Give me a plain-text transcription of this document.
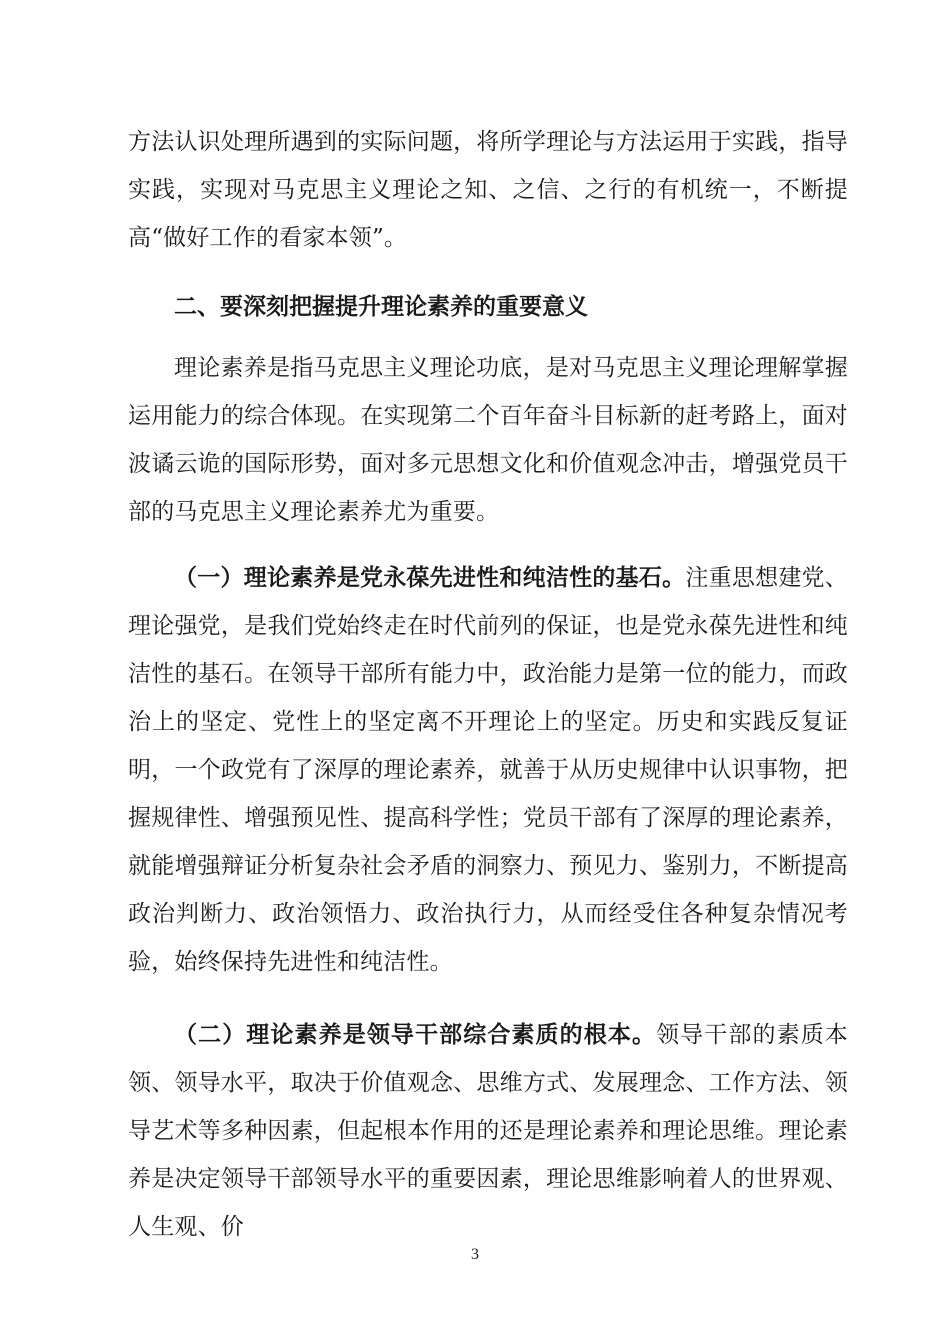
方法认识处理所遇到的实际问题，将所学理论与方法运用于实践，指导实践，实现对马克思主义理论之知、之信、之行的有机统一，不断提高“做好工作的看家本领”。

二、要深刻把握提升理论素养的重要意义

理论素养是指马克思主义理论功底，是对马克思主义理论理解掌握运用能力的综合体现。在实现第二个百年奋斗目标新的赶考路上，面对波谲云诡的国际形势，面对多元思想文化和价值观念冲击，增强党员干部的马克思主义理论素养尤为重要。

（一）理论素养是党永葆先进性和纯洁性的基石。注重思想建党、理论强党，是我们党始终走在时代前列的保证，也是党永葆先进性和纯洁性的基石。在领导干部所有能力中，政治能力是第一位的能力，而政治上的坚定、党性上的坚定离不开理论上的坚定。历史和实践反复证明，一个政党有了深厚的理论素养，就善于从历史规律中认识事物，把握规律性、增强预见性、提高科学性；党员干部有了深厚的理论素养，就能增强辩证分析复杂社会矛盾的洞察力、预见力、鉴别力，不断提高政治判断力、政治领悟力、政治执行力，从而经受住各种复杂情况考验，始终保持先进性和纯洁性。

（二）理论素养是领导干部综合素质的根本。领导干部的素质本领、领导水平，取决于价值观念、思维方式、发展理念、工作方法、领导艺术等多种因素，但起根本作用的还是理论素养和理论思维。理论素养是决定领导干部领导水平的重要因素，理论思维影响着人的世界观、人生观、价

3
